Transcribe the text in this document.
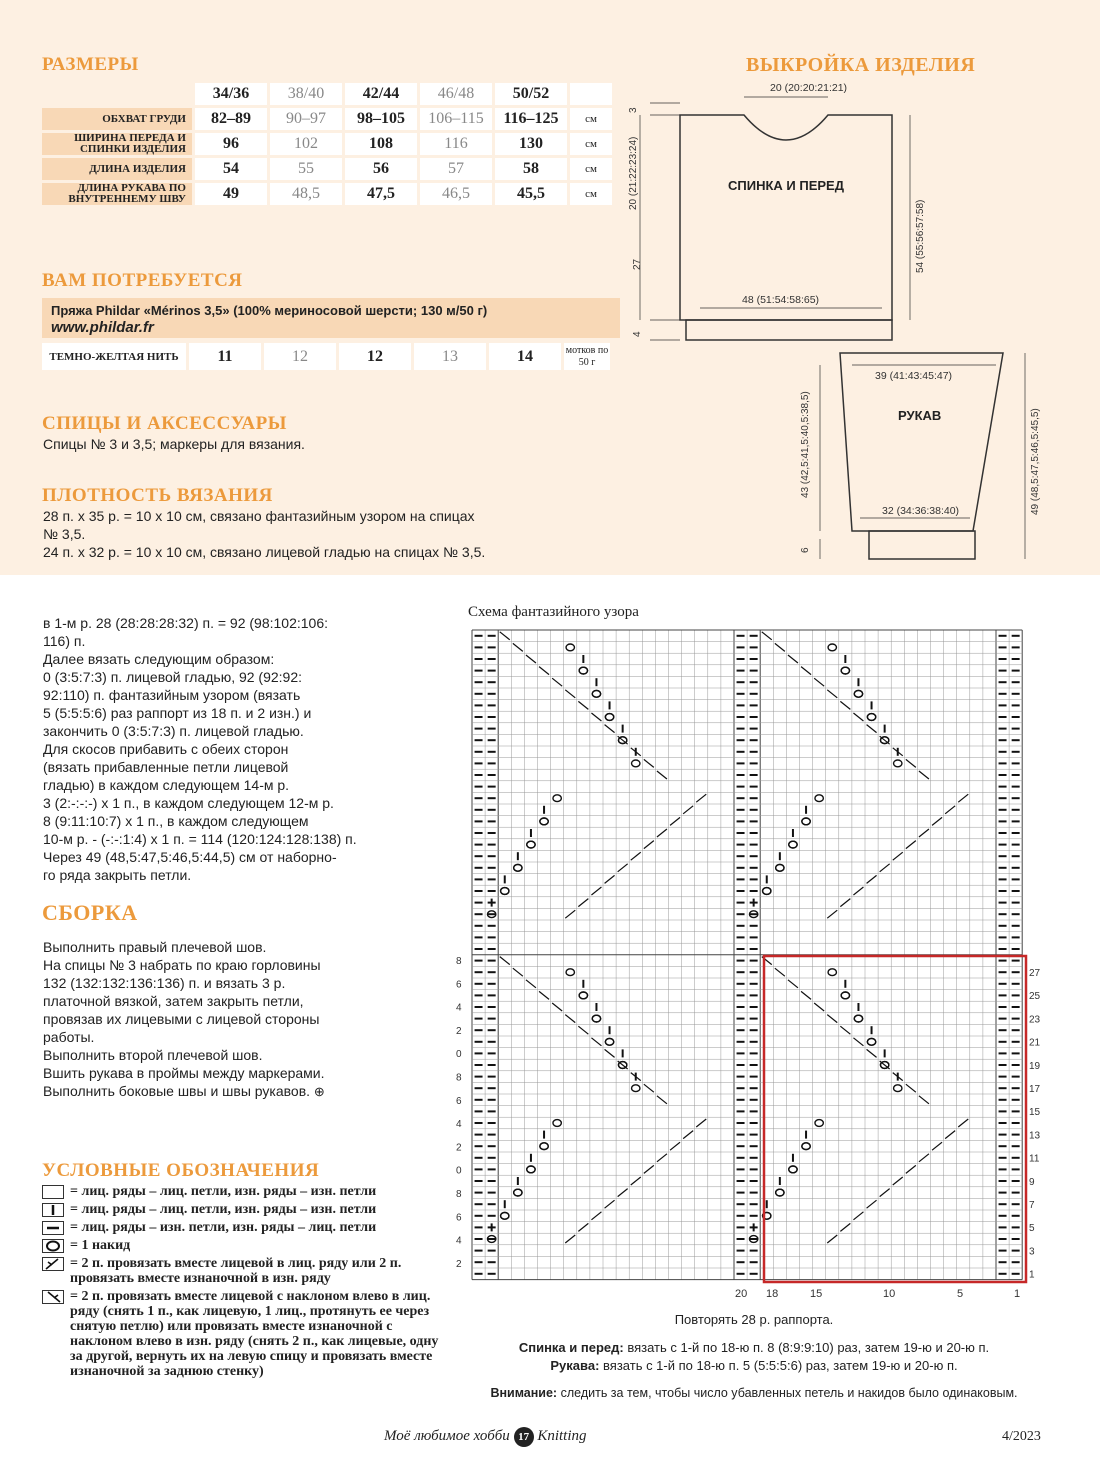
РАЗМЕРЫ
	34/36	38/40	42/44	46/48	50/52	
ОБХВАТ ГРУДИ	82–89	90–97	98–105	106–115	116–125	см
ШИРИНА ПЕРЕДА И СПИНКИ ИЗДЕЛИЯ	96	102	108	116	130	см
ДЛИНА ИЗДЕЛИЯ	54	55	56	57	58	см
ДЛИНА РУКАВА ПО ВНУТРЕННЕМУ ШВУ	49	48,5	47,5	46,5	45,5	см
ВАМ ПОТРЕБУЕТСЯ
Пряжа Phildar «Mérinos 3,5» (100% мериносовой шерсти; 130 м/50 г)
www.phildar.fr
ТЕМНО-ЖЕЛТАЯ НИТЬ	11	12	12	13	14	мотков по 50 г
СПИЦЫ И АКСЕССУАРЫ
Спицы № 3 и 3,5; маркеры для вязания.
ПЛОТНОСТЬ ВЯЗАНИЯ
28 п. х 35 р. = 10 х 10 см, связано фантазийным узором на спицах
№ 3,5.
24 п. х 32 р. = 10 х 10 см, связано лицевой гладью на спицах № 3,5.
ВЫКРОЙКА ИЗДЕЛИЯ
20 (20:20:21:21)
3
20 (21:22:23:24)
27	54 (55:56:57:58)
48 (51:54:58:65)
4
СПИНКА И ПЕРЕД
39 (41:43:45:47)
РУКАВ
43 (42,5:41,5:40,5:38,5)	49 (48,5:47,5:46,5:45,5)
32 (34:36:38:40)
6
в 1-м р. 28 (28:28:28:32) п. = 92 (98:102:106:
116) п.
Далее вязать следующим образом:
0 (3:5:7:3) п. лицевой гладью, 92 (92:92:
92:110) п. фантазийным узором (вязать
5 (5:5:5:6) раз раппорт из 18 п. и 2 изн.) и
закончить 0 (3:5:7:3) п. лицевой гладью.
Для скосов прибавить с обеих сторон
(вязать прибавленные петли лицевой
гладью) в каждом следующем 14-м р.
3 (2:-:-:-) х 1 п., в каждом следующем 12-м р.
8 (9:11:10:7) х 1 п., в каждом следующем
10-м р. - (-:-:1:4) х 1 п. = 114 (120:124:128:138) п.
Через 49 (48,5:47,5:46,5:44,5) см от наборно-
го ряда закрыть петли.
СБОРКА
Выполнить правый плечевой шов.
На спицы № 3 набрать по краю горловины
132 (132:132:136:136) п. и вязать 3 р.
платочной вязкой, затем закрыть петли,
провязав их лицевыми с лицевой стороны
работы.
Выполнить второй плечевой шов.
Вшить рукава в проймы между маркерами.
Выполнить боковые швы и швы рукавов. ⊕
УСЛОВНЫЕ ОБОЗНАЧЕНИЯ
= лиц. ряды – лиц. петли, изн. ряды – изн. петли
= лиц. ряды – лиц. петли, изн. ряды – изн. петли
= лиц. ряды – изн. петли, изн. ряды – лиц. петли
= 1 накид
= 2 п. провязать вместе лицевой в лиц. ряду или 2 п. провязать вместе изнаночной в изн. ряду
= 2 п. провязать вместе лицевой с наклоном влево в лиц. ряду (снять 1 п., как лицевую, 1 лиц., протянуть ее через снятую петлю) или провязать вместе изнаночной с наклоном влево в изн. ряду (снять 2 п., как лицевые, одну за другой, вернуть их на левую спицу и провязать вместе изнаночной за заднюю стенку)
Схема фантазийного узора
8
6
4
2
0
8
6
4
2
0
8
6
4
2
27
25
23
21
19
17
15
13
11
9
7
5
3
1
20 18	15	10	5	1
Повторять 28 р. раппорта.
Спинка и перед: вязать с 1-й по 18-ю п. 8 (8:9:9:10) раз, затем 19-ю и 20-ю п.
Рукава: вязать с 1-й по 18-ю п. 5 (5:5:5:6) раз, затем 19-ю и 20-ю п.
Внимание: следить за тем, чтобы число убавленных петель и накидов было одинаковым.
Моё любимое хобби 17 Knitting	4/2023
